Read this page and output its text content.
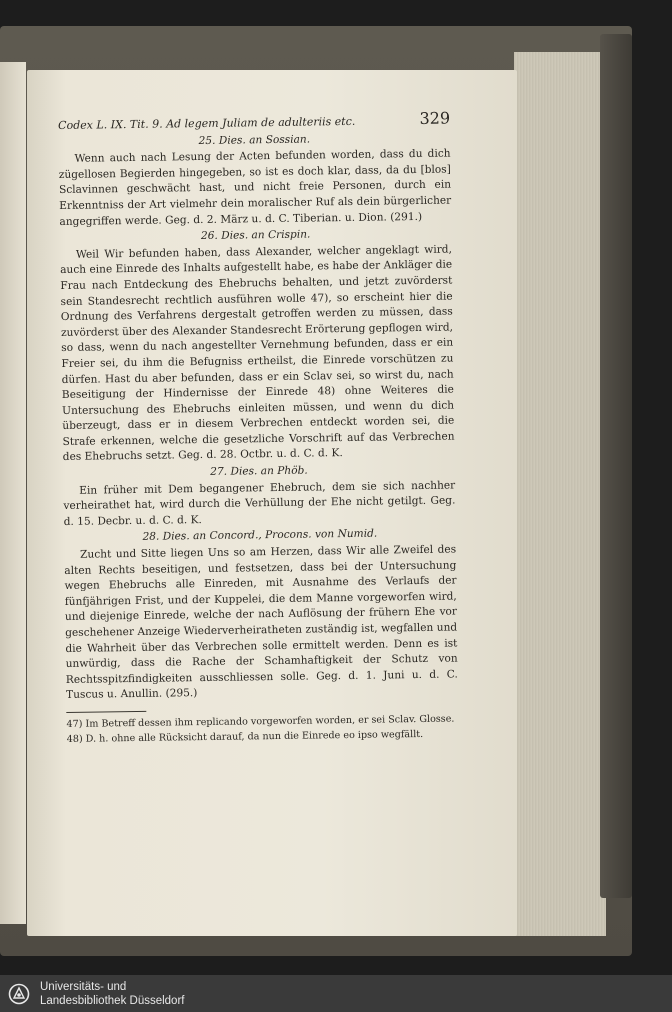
Codex L. IX. Tit. 9. Ad legem Juliam de adulteriis etc.	329
25. Dies. an Sossian.

Wenn auch nach Lesung der Acten befunden worden, dass du dich zügellosen Begierden hingegeben, so ist es doch klar, dass, da du [blos] Sclavinnen geschwächt hast, und nicht freie Personen, durch ein Erkenntniss der Art vielmehr dein moralischer Ruf als dein bürgerlicher angegriffen werde. Geg. d. 2. März u. d. C. Tiberian. u. Dion. (291.)

26. Dies. an Crispin.

Weil Wir befunden haben, dass Alexander, welcher angeklagt wird, auch eine Einrede des Inhalts aufgestellt habe, es habe der Ankläger die Frau nach Entdeckung des Ehebruchs behalten, und jetzt zuvörderst sein Standesrecht rechtlich ausführen wolle 47), so erscheint hier die Ordnung des Verfahrens dergestalt getroffen werden zu müssen, dass zuvörderst über des Alexander Standesrecht Erörterung gepflogen wird, so dass, wenn du nach angestellter Vernehmung befunden, dass er ein Freier sei, du ihm die Befugniss ertheilst, die Einrede vorschützen zu dürfen. Hast du aber befunden, dass er ein Sclav sei, so wirst du, nach Beseitigung der Hindernisse der Einrede 48) ohne Weiteres die Untersuchung des Ehebruchs einleiten müssen, und wenn du dich überzeugt, dass er in diesem Verbrechen entdeckt worden sei, die Strafe erkennen, welche die gesetzliche Vorschrift auf das Verbrechen des Ehebruchs setzt. Geg. d. 28. Octbr. u. d. C. d. K.

27. Dies. an Phöb.

Ein früher mit Dem begangener Ehebruch, dem sie sich nachher verheirathet hat, wird durch die Verhüllung der Ehe nicht getilgt. Geg. d. 15. Decbr. u. d. C. d. K.

28. Dies. an Concord., Procons. von Numid.

Zucht und Sitte liegen Uns so am Herzen, dass Wir alle Zweifel des alten Rechts beseitigen, und festsetzen, dass bei der Untersuchung wegen Ehebruchs alle Einreden, mit Ausnahme des Verlaufs der fünfjährigen Frist, und der Kuppelei, die dem Manne vorgeworfen wird, und diejenige Einrede, welche der nach Auflösung der frühern Ehe vor geschehener Anzeige Wiederverheiratheten zuständig ist, wegfallen und die Wahrheit über das Verbrechen solle ermittelt werden. Denn es ist unwürdig, dass die Rache der Schamhaftigkeit der Schutz von Rechtsspitzfindigkeiten ausschliessen solle. Geg. d. 1. Juni u. d. C. Tuscus u. Anullin. (295.)

47) Im Betreff dessen ihm replicando vorgeworfen worden, er sei Sclav. Glosse.

48) D. h. ohne alle Rücksicht darauf, da nun die Einrede eo ipso wegfällt.

Universitäts- und
Landesbibliothek Düsseldorf
